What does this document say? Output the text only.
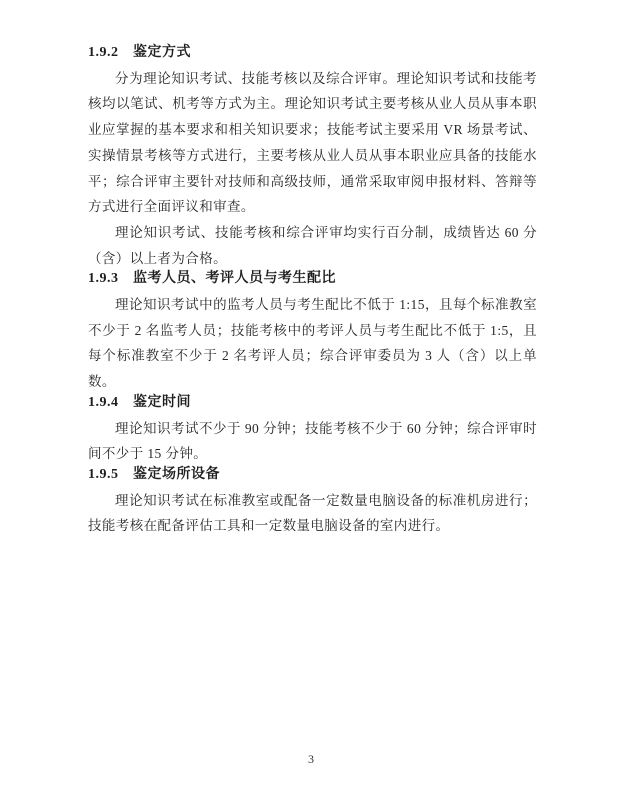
1.9.2　鉴定方式

分为理论知识考试、技能考核以及综合评审。理论知识考试和技能考核均以笔试、机考等方式为主。理论知识考试主要考核从业人员从事本职业应掌握的基本要求和相关知识要求；技能考试主要采用 VR 场景考试、实操情景考核等方式进行，主要考核从业人员从事本职业应具备的技能水平；综合评审主要针对技师和高级技师，通常采取审阅申报材料、答辩等方式进行全面评议和审查。

理论知识考试、技能考核和综合评审均实行百分制，成绩皆达 60 分（含）以上者为合格。

1.9.3　监考人员、考评人员与考生配比

理论知识考试中的监考人员与考生配比不低于 1:15，且每个标准教室不少于 2 名监考人员；技能考核中的考评人员与考生配比不低于 1:5，且每个标准教室不少于 2 名考评人员；综合评审委员为 3 人（含）以上单数。

1.9.4　鉴定时间

理论知识考试不少于 90 分钟；技能考核不少于 60 分钟；综合评审时间不少于 15 分钟。

1.9.5　鉴定场所设备

理论知识考试在标准教室或配备一定数量电脑设备的标准机房进行；技能考核在配备评估工具和一定数量电脑设备的室内进行。

3
